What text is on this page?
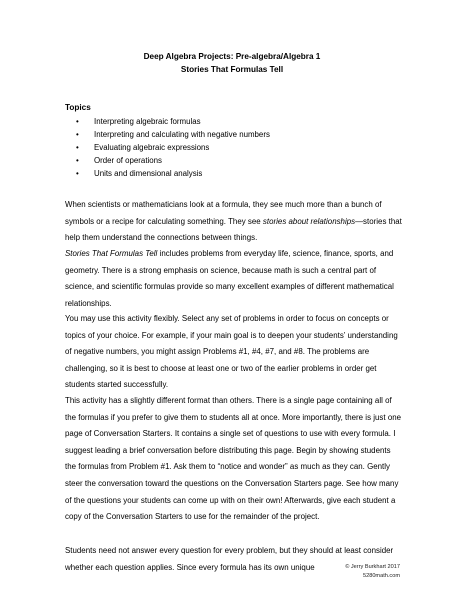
Deep Algebra Projects: Pre-algebra/Algebra 1
Stories That Formulas Tell
Topics
• Interpreting algebraic formulas
• Interpreting and calculating with negative numbers
• Evaluating algebraic expressions
• Order of operations
• Units and dimensional analysis

When scientists or mathematicians look at a formula, they see much more than a bunch of symbols or a recipe for calculating something. They see stories about relationships—stories that help them understand the connections between things.

Stories That Formulas Tell includes problems from everyday life, science, finance, sports, and geometry. There is a strong emphasis on science, because math is such a central part of science, and scientific formulas provide so many excellent examples of different mathematical relationships.

You may use this activity flexibly. Select any set of problems in order to focus on concepts or topics of your choice. For example, if your main goal is to deepen your students’ understanding of negative numbers, you might assign Problems #1, #4, #7, and #8. The problems are challenging, so it is best to choose at least one or two of the earlier problems in order get students started successfully.

This activity has a slightly different format than others. There is a single page containing all of the formulas if you prefer to give them to students all at once. More importantly, there is just one page of Conversation Starters. It contains a single set of questions to use with every formula. I suggest leading a brief conversation before distributing this page. Begin by showing students the formulas from Problem #1. Ask them to “notice and wonder” as much as they can. Gently steer the conversation toward the questions on the Conversation Starters page. See how many of the questions your students can come up with on their own! Afterwards, give each student a copy of the Conversation Starters to use for the remainder of the project.

Students need not answer every question for every problem, but they should at least consider whether each question applies. Since every formula has its own unique	© Jerry Burkhart 2017
5280math.com
